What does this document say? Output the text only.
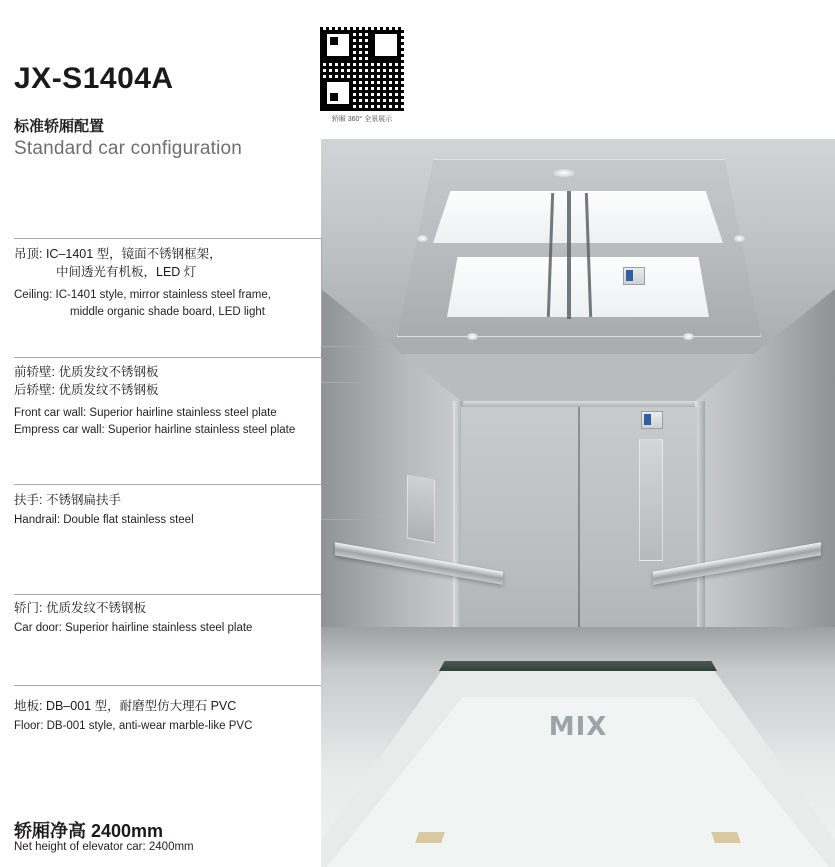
JX-S1404A
标准轿厢配置
Standard car configuration
轿厢 360° 全景展示
MIX
吊顶: IC–1401 型，镜面不锈钢框架，
中间透光有机板，LED 灯
Ceiling: IC-1401 style, mirror stainless steel frame,
middle organic shade board, LED light
前轿壁: 优质发纹不锈钢板
后轿壁: 优质发纹不锈钢板
Front car wall: Superior hairline stainless steel plate
Empress car wall: Superior hairline stainless steel plate
扶手: 不锈钢扁扶手
Handrail: Double flat stainless steel
轿门: 优质发纹不锈钢板
Car door: Superior hairline stainless steel plate
地板: DB–001 型，耐磨型仿大理石 PVC
Floor: DB-001 style, anti-wear marble-like PVC
轿厢净高 2400mm
Net height of elevator car: 2400mm
